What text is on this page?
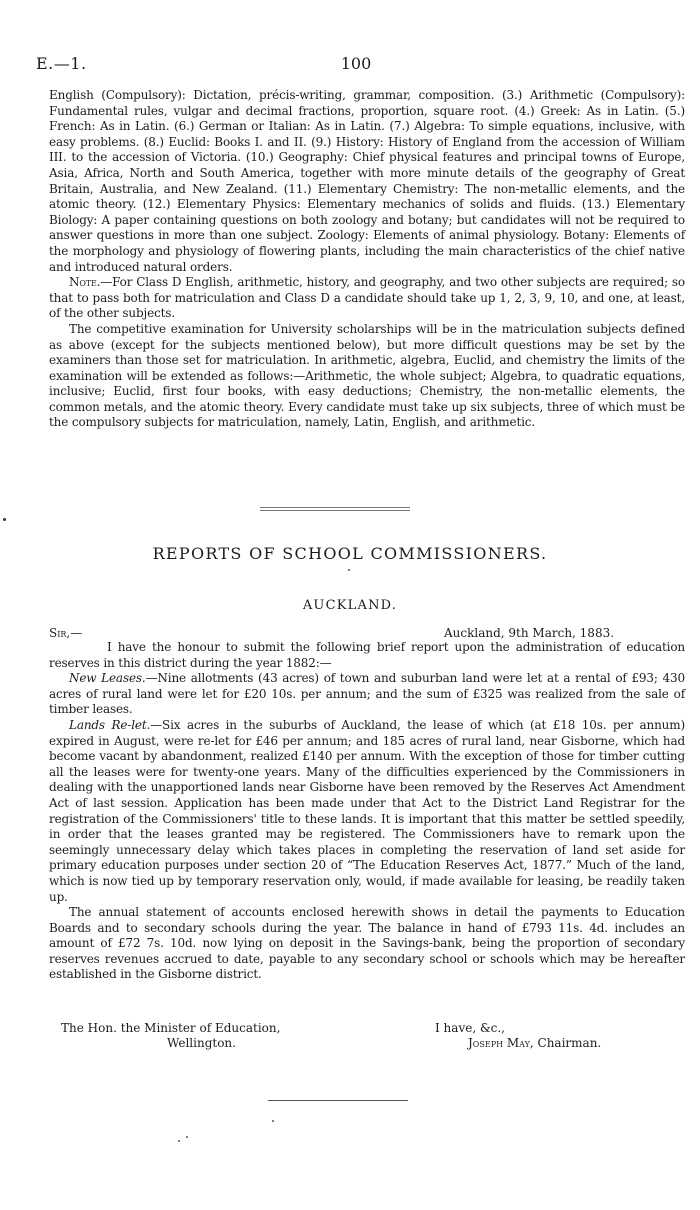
100
E.—1.

English (Compulsory): Dictation, précis-writing, grammar, composition. (3.) Arithmetic (Compulsory): Fundamental rules, vulgar and decimal fractions, proportion, square root. (4.) Greek: As in Latin. (5.) French: As in Latin. (6.) German or Italian: As in Latin. (7.) Algebra: To simple equations, inclusive, with easy problems. (8.) Euclid: Books I. and II. (9.) History: History of England from the accession of William III. to the accession of Victoria. (10.) Geography: Chief physical features and principal towns of Europe, Asia, Africa, North and South America, together with more minute details of the geography of Great Britain, Australia, and New Zealand. (11.) Elementary Chemistry: The non-metallic elements, and the atomic theory. (12.) Elementary Physics: Elementary mechanics of solids and fluids. (13.) Elementary Biology: A paper containing questions on both zoology and botany; but candidates will not be required to answer questions in more than one subject. Zoology: Elements of animal physiology. Botany: Elements of the morphology and physiology of flowering plants, including the main characteristics of the chief native and introduced natural orders.

Note.—For Class D English, arithmetic, history, and geography, and two other subjects are required; so that to pass both for matriculation and Class D a candidate should take up 1, 2, 3, 9, 10, and one, at least, of the other subjects.

The competitive examination for University scholarships will be in the matriculation subjects defined as above (except for the subjects mentioned below), but more difficult questions may be set by the examiners than those set for matriculation. In arithmetic, algebra, Euclid, and chemistry the limits of the examination will be extended as follows:—Arithmetic, the whole subject; Algebra, to quadratic equations, inclusive; Euclid, first four books, with easy deductions; Chemistry, the non-metallic elements, the common metals, and the atomic theory. Every candidate must take up six subjects, three of which must be the compulsory subjects for matriculation, namely, Latin, English, and arithmetic.

REPORTS OF SCHOOL COMMISSIONERS.
AUCKLAND.
Sir,—	Auckland, 9th March, 1883.

I have the honour to submit the following brief report upon the administration of education reserves in this district during the year 1882:—

New Leases.—Nine allotments (43 acres) of town and suburban land were let at a rental of £93; 430 acres of rural land were let for £20 10s. per annum; and the sum of £325 was realized from the sale of timber leases.

Lands Re-let.—Six acres in the suburbs of Auckland, the lease of which (at £18 10s. per annum) expired in August, were re-let for £46 per annum; and 185 acres of rural land, near Gisborne, which had become vacant by abandonment, realized £140 per annum. With the exception of those for timber cutting all the leases were for twenty-one years. Many of the difficulties experienced by the Commissioners in dealing with the unapportioned lands near Gisborne have been removed by the Reserves Act Amendment Act of last session. Application has been made under that Act to the District Land Registrar for the registration of the Commissioners' title to these lands. It is important that this matter be settled speedily, in order that the leases granted may be registered. The Commissioners have to remark upon the seemingly unnecessary delay which takes places in completing the reservation of land set aside for primary education purposes under section 20 of “The Education Reserves Act, 1877.” Much of the land, which is now tied up by temporary reservation only, would, if made available for leasing, be readily taken up.

The annual statement of accounts enclosed herewith shows in detail the payments to Education Boards and to secondary schools during the year. The balance in hand of £793 11s. 4d. includes an amount of £72 7s. 10d. now lying on deposit in the Savings-bank, being the proportion of secondary reserves revenues accrued to date, payable to any secondary school or schools which may be hereafter established in the Gisborne district.

The Hon. the Minister of Education,	I have, &c.,
Wellington.	Joseph May, Chairman.
